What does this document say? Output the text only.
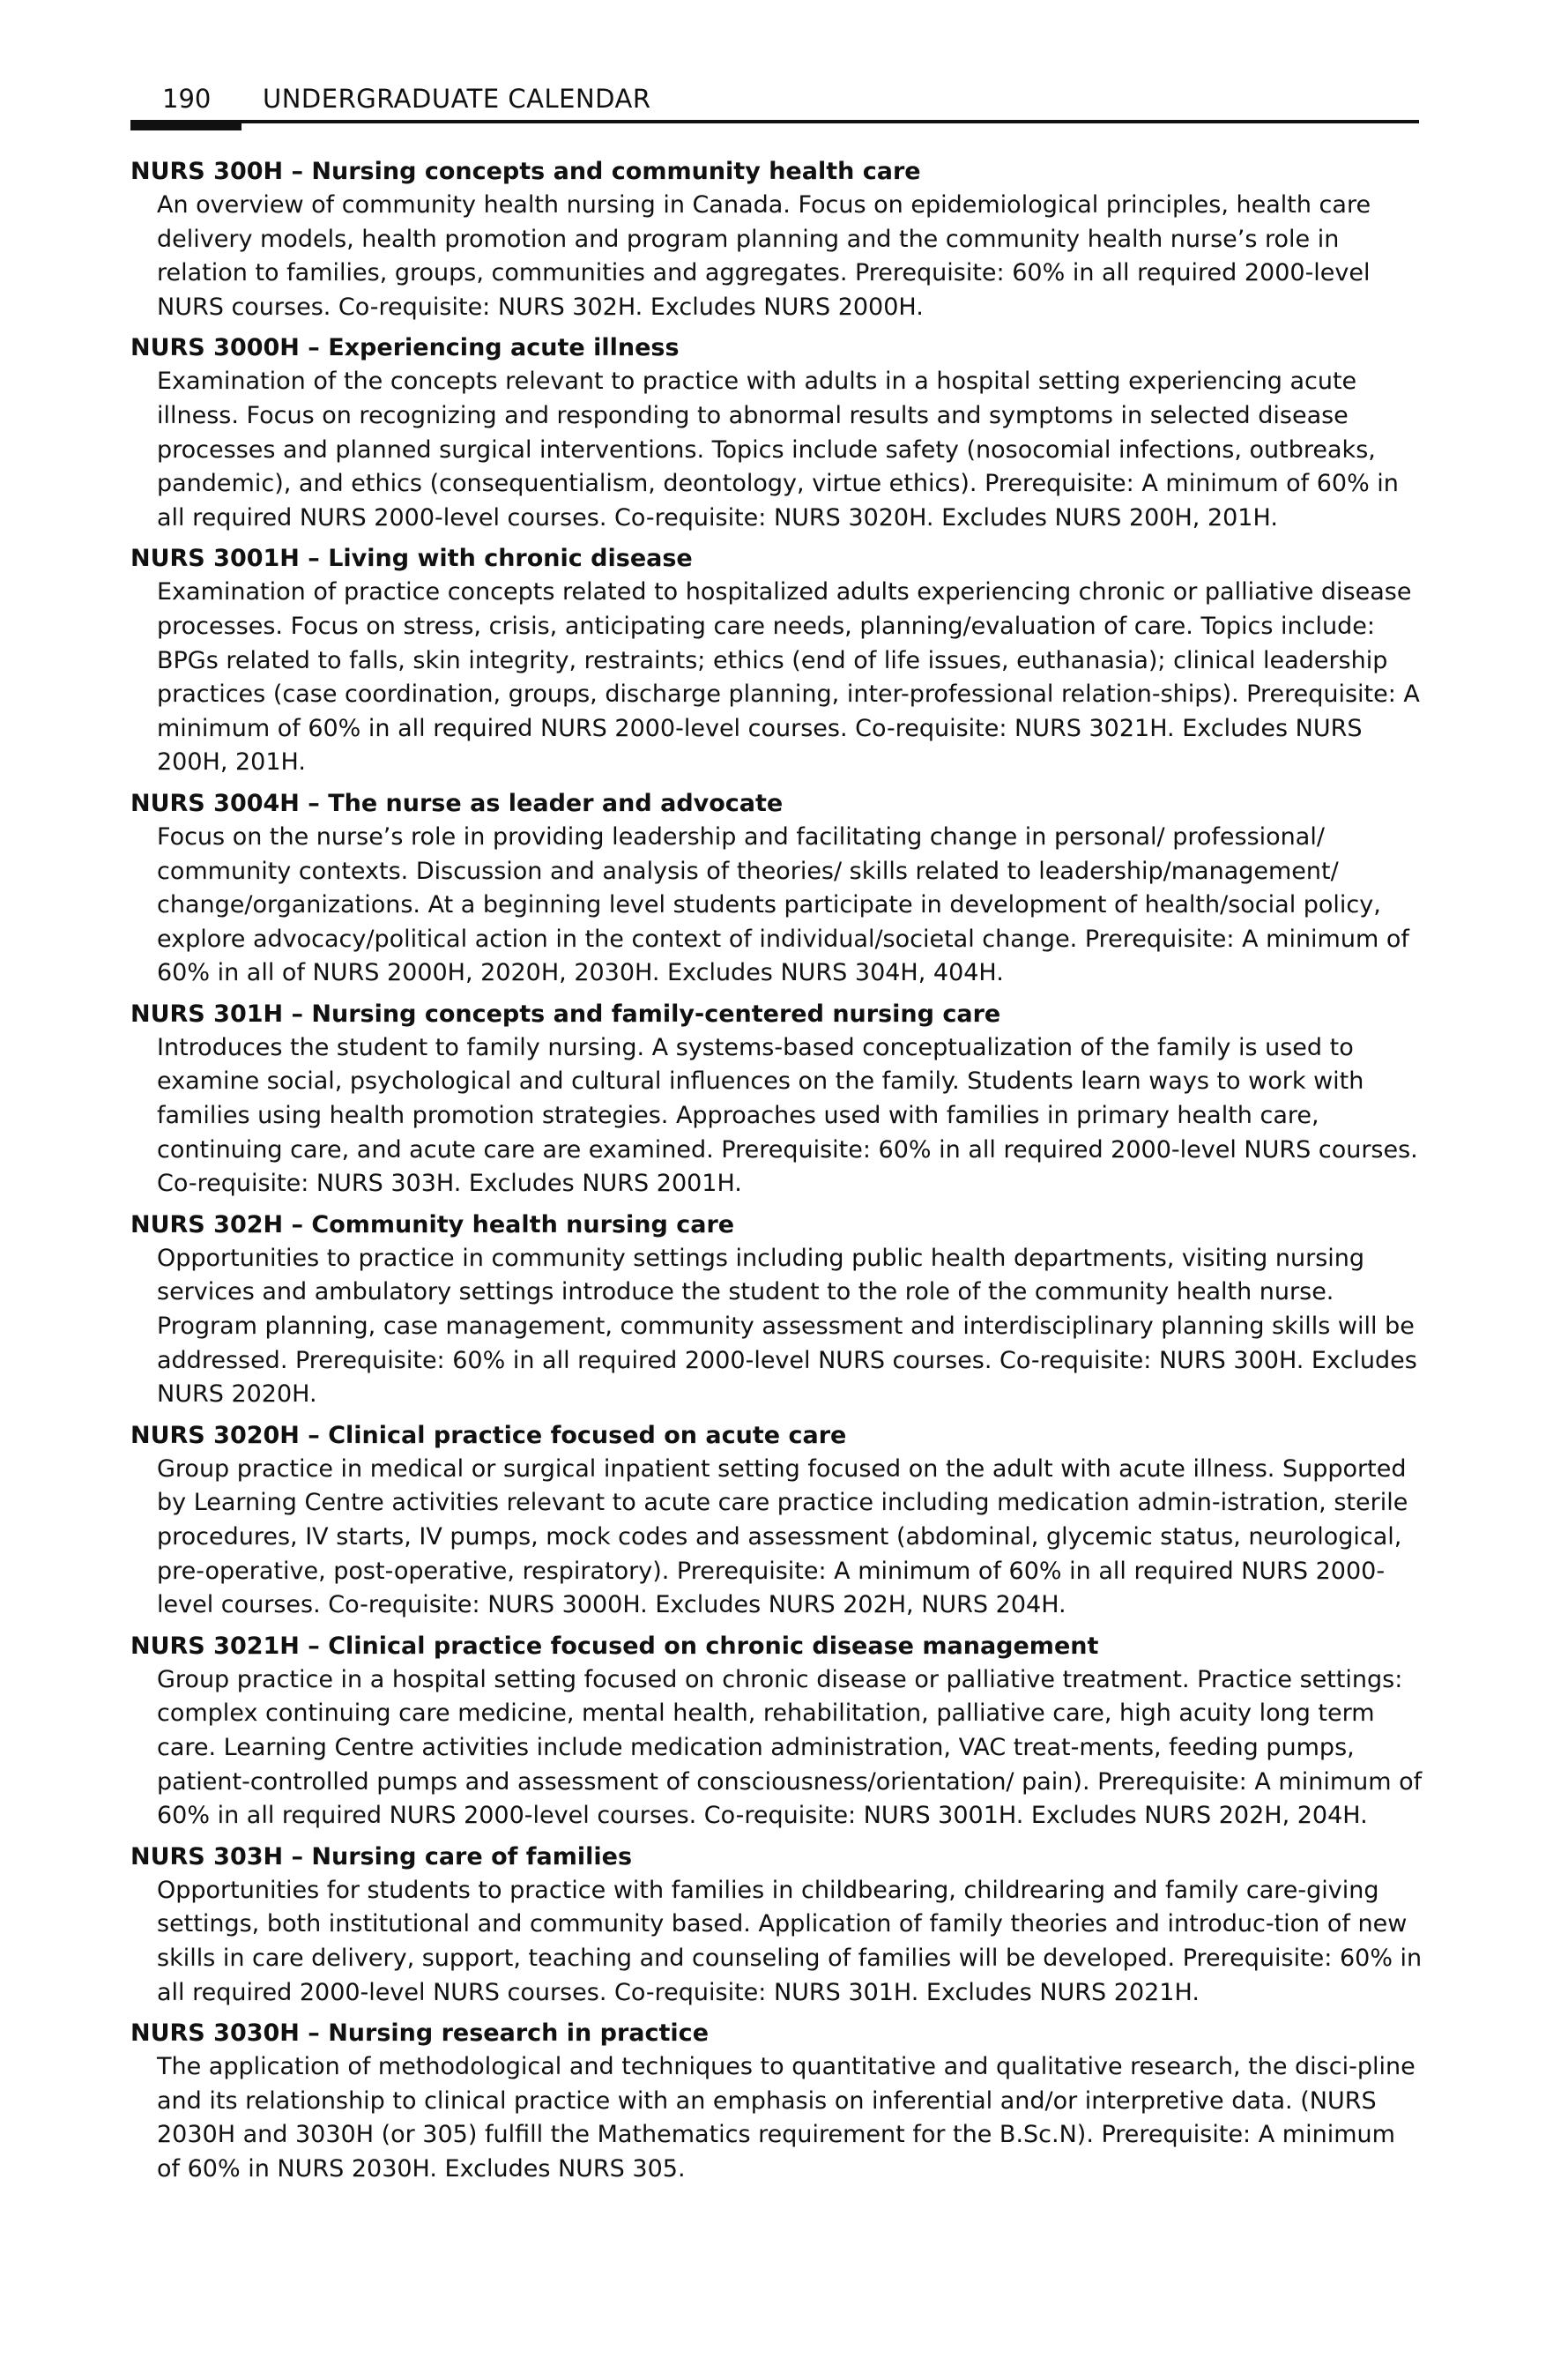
190 UNDERGRADUATE CALENDAR

NURS 300H – Nursing concepts and community health care

An overview of community health nursing in Canada. Focus on epidemiological principles, health care delivery models, health promotion and program planning and the community health nurse’s role in relation to families, groups, communities and aggregates. Prerequisite: 60% in all required 2000-level NURS courses. Co-requisite: NURS 302H. Excludes NURS 2000H.

NURS 3000H – Experiencing acute illness

Examination of the concepts relevant to practice with adults in a hospital setting experiencing acute illness. Focus on recognizing and responding to abnormal results and symptoms in selected disease processes and planned surgical interventions. Topics include safety (nosocomial infections, outbreaks, pandemic), and ethics (consequentialism, deontology, virtue ethics). Prerequisite: A minimum of 60% in all required NURS 2000-level courses. Co-requisite: NURS 3020H. Excludes NURS 200H, 201H.

NURS 3001H – Living with chronic disease

Examination of practice concepts related to hospitalized adults experiencing chronic or palliative disease processes. Focus on stress, crisis, anticipating care needs, planning/evaluation of care. Topics include: BPGs related to falls, skin integrity, restraints; ethics (end of life issues, euthanasia); clinical leadership practices (case coordination, groups, discharge planning, inter-professional relation-ships). Prerequisite: A minimum of 60% in all required NURS 2000-level courses. Co-requisite: NURS 3021H. Excludes NURS 200H, 201H.

NURS 3004H – The nurse as leader and advocate

Focus on the nurse’s role in providing leadership and facilitating change in personal/ professional/ community contexts. Discussion and analysis of theories/ skills related to leadership/management/ change/organizations. At a beginning level students participate in development of health/social policy, explore advocacy/political action in the context of individual/societal change. Prerequisite: A minimum of 60% in all of NURS 2000H, 2020H, 2030H. Excludes NURS 304H, 404H.

NURS 301H – Nursing concepts and family-centered nursing care

Introduces the student to family nursing. A systems-based conceptualization of the family is used to examine social, psychological and cultural influences on the family. Students learn ways to work with families using health promotion strategies. Approaches used with families in primary health care, continuing care, and acute care are examined. Prerequisite: 60% in all required 2000-level NURS courses. Co-requisite: NURS 303H. Excludes NURS 2001H.

NURS 302H – Community health nursing care

Opportunities to practice in community settings including public health departments, visiting nursing services and ambulatory settings introduce the student to the role of the community health nurse. Program planning, case management, community assessment and interdisciplinary planning skills will be addressed. Prerequisite: 60% in all required 2000-level NURS courses. Co-requisite: NURS 300H. Excludes NURS 2020H.

NURS 3020H – Clinical practice focused on acute care

Group practice in medical or surgical inpatient setting focused on the adult with acute illness. Supported by Learning Centre activities relevant to acute care practice including medication admin-istration, sterile procedures, IV starts, IV pumps, mock codes and assessment (abdominal, glycemic status, neurological, pre-operative, post-operative, respiratory). Prerequisite: A minimum of 60% in all required NURS 2000-level courses. Co-requisite: NURS 3000H. Excludes NURS 202H, NURS 204H.

NURS 3021H – Clinical practice focused on chronic disease management

Group practice in a hospital setting focused on chronic disease or palliative treatment. Practice settings: complex continuing care medicine, mental health, rehabilitation, palliative care, high acuity long term care. Learning Centre activities include medication administration, VAC treat-ments, feeding pumps, patient-controlled pumps and assessment of consciousness/orientation/ pain). Prerequisite: A minimum of 60% in all required NURS 2000-level courses. Co-requisite: NURS 3001H. Excludes NURS 202H, 204H.

NURS 303H – Nursing care of families

Opportunities for students to practice with families in childbearing, childrearing and family care-giving settings, both institutional and community based. Application of family theories and introduc-tion of new skills in care delivery, support, teaching and counseling of families will be developed. Prerequisite: 60% in all required 2000-level NURS courses. Co-requisite: NURS 301H. Excludes NURS 2021H.

NURS 3030H – Nursing research in practice

The application of methodological and techniques to quantitative and qualitative research, the disci-pline and its relationship to clinical practice with an emphasis on inferential and/or interpretive data. (NURS 2030H and 3030H (or 305) fulfill the Mathematics requirement for the B.Sc.N). Prerequisite: A minimum of 60% in NURS 2030H. Excludes NURS 305.
